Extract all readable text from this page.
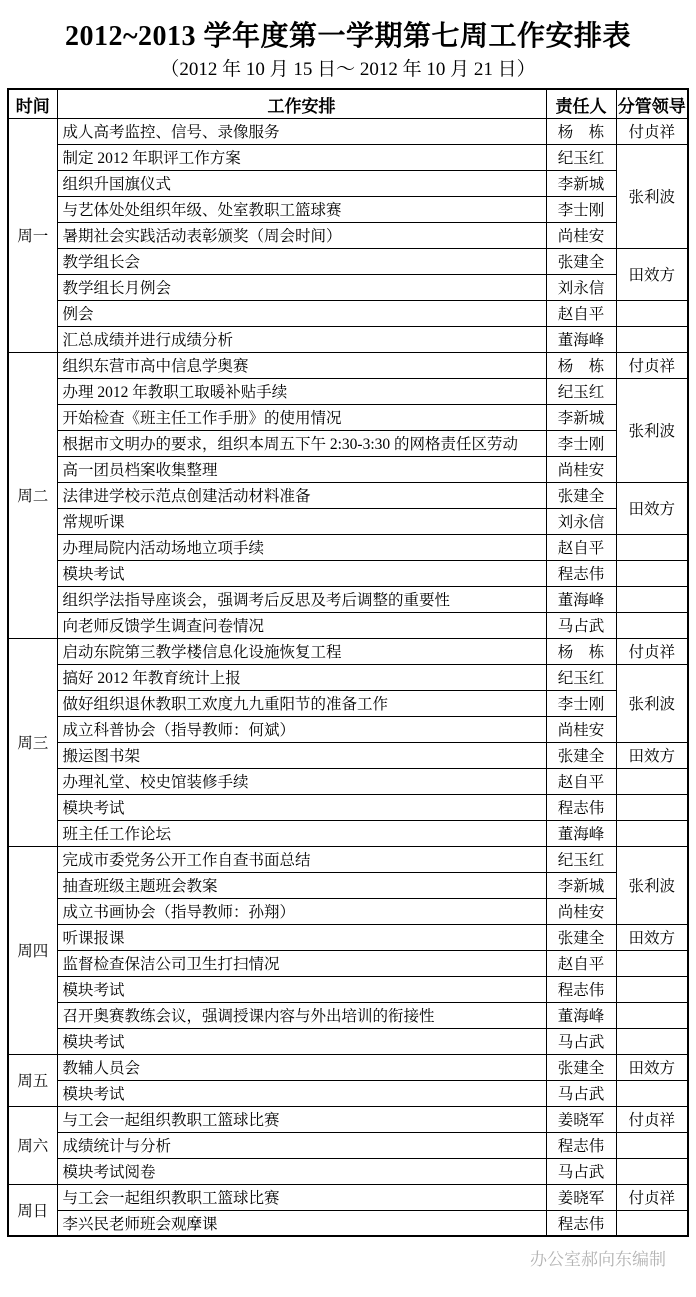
2012~2013 学年度第一学期第七周工作安排表
（2012 年 10 月 15 日～ 2012 年 10 月 21 日）
时间	工作安排	责任人	分管领导
周一	成人高考监控、信号、录像服务	杨　栋	付贞祥
	制定 2012 年职评工作方案	纪玉红	张利波
	组织升国旗仪式	李新城	
	与艺体处处组织年级、处室教职工篮球赛	李士刚	
	暑期社会实践活动表彰颁奖（周会时间）	尚桂安	
	教学组长会	张建全	田效方
	教学组长月例会	刘永信	
	例会	赵自平	
	汇总成绩并进行成绩分析	董海峰	
周二	组织东营市高中信息学奥赛	杨　栋	付贞祥
	办理 2012 年教职工取暖补贴手续	纪玉红	张利波
	开始检查《班主任工作手册》的使用情况	李新城	
	根据市文明办的要求，组织本周五下午 2:30-3:30 的网格责任区劳动	李士刚	
	高一团员档案收集整理	尚桂安	
	法律进学校示范点创建活动材料准备	张建全	田效方
	常规听课	刘永信	
	办理局院内活动场地立项手续	赵自平	
	模块考试	程志伟	
	组织学法指导座谈会，强调考后反思及考后调整的重要性	董海峰	
	向老师反馈学生调查问卷情况	马占武	
周三	启动东院第三教学楼信息化设施恢复工程	杨　栋	付贞祥
	搞好 2012 年教育统计上报	纪玉红	张利波
	做好组织退休教职工欢度九九重阳节的准备工作	李士刚	
	成立科普协会（指导教师：何斌）	尚桂安	
	搬运图书架	张建全	田效方
	办理礼堂、校史馆装修手续	赵自平	
	模块考试	程志伟	
	班主任工作论坛	董海峰	
周四	完成市委党务公开工作自查书面总结	纪玉红	张利波
	抽查班级主题班会教案	李新城	
	成立书画协会（指导教师：孙翔）	尚桂安	
	听课报课	张建全	田效方
	监督检查保洁公司卫生打扫情况	赵自平	
	模块考试	程志伟	
	召开奥赛教练会议，强调授课内容与外出培训的衔接性	董海峰	
	模块考试	马占武	
周五	教辅人员会	张建全	田效方
	模块考试	马占武	
周六	与工会一起组织教职工篮球比赛	姜晓军	付贞祥
	成绩统计与分析	程志伟	
	模块考试阅卷	马占武	
周日	与工会一起组织教职工篮球比赛	姜晓军	付贞祥
	李兴民老师班会观摩课	程志伟	
办公室郝向东编制
